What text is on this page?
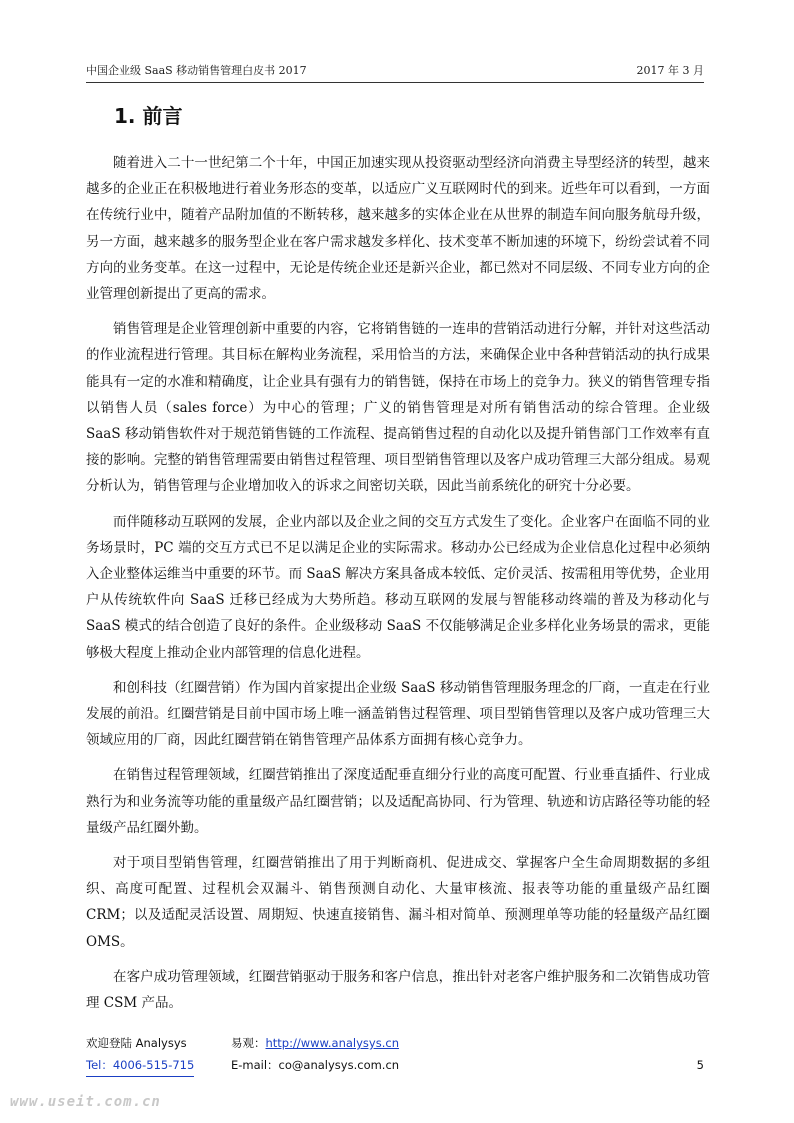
中国企业级 SaaS 移动销售管理白皮书 2017	2017 年 3 月
1. 前言

随着进入二十一世纪第二个十年，中国正加速实现从投资驱动型经济向消费主导型经济的转型，越来越多的企业正在积极地进行着业务形态的变革，以适应广义互联网时代的到来。近些年可以看到，一方面在传统行业中，随着产品附加值的不断转移，越来越多的实体企业在从世界的制造车间向服务航母升级，另一方面，越来越多的服务型企业在客户需求越发多样化、技术变革不断加速的环境下，纷纷尝试着不同方向的业务变革。在这一过程中，无论是传统企业还是新兴企业，都已然对不同层级、不同专业方向的企业管理创新提出了更高的需求。

销售管理是企业管理创新中重要的内容，它将销售链的一连串的营销活动进行分解，并针对这些活动的作业流程进行管理。其目标在解构业务流程，采用恰当的方法，来确保企业中各种营销活动的执行成果能具有一定的水准和精确度，让企业具有强有力的销售链，保持在市场上的竞争力。狭义的销售管理专指以销售人员（sales force）为中心的管理；广义的销售管理是对所有销售活动的综合管理。企业级 SaaS 移动销售软件对于规范销售链的工作流程、提高销售过程的自动化以及提升销售部门工作效率有直接的影响。完整的销售管理需要由销售过程管理、项目型销售管理以及客户成功管理三大部分组成。易观分析认为，销售管理与企业增加收入的诉求之间密切关联，因此当前系统化的研究十分必要。

而伴随移动互联网的发展，企业内部以及企业之间的交互方式发生了变化。企业客户在面临不同的业务场景时，PC 端的交互方式已不足以满足企业的实际需求。移动办公已经成为企业信息化过程中必须纳入企业整体运维当中重要的环节。而 SaaS 解决方案具备成本较低、定价灵活、按需租用等优势，企业用户从传统软件向 SaaS 迁移已经成为大势所趋。移动互联网的发展与智能移动终端的普及为移动化与 SaaS 模式的结合创造了良好的条件。企业级移动 SaaS 不仅能够满足企业多样化业务场景的需求，更能够极大程度上推动企业内部管理的信息化进程。

和创科技（红圈营销）作为国内首家提出企业级 SaaS 移动销售管理服务理念的厂商，一直走在行业发展的前沿。红圈营销是目前中国市场上唯一涵盖销售过程管理、项目型销售管理以及客户成功管理三大领域应用的厂商，因此红圈营销在销售管理产品体系方面拥有核心竞争力。

在销售过程管理领域，红圈营销推出了深度适配垂直细分行业的高度可配置、行业垂直插件、行业成熟行为和业务流等功能的重量级产品红圈营销；以及适配高协同、行为管理、轨迹和访店路径等功能的轻量级产品红圈外勤。

对于项目型销售管理，红圈营销推出了用于判断商机、促进成交、掌握客户全生命周期数据的多组织、高度可配置、过程机会双漏斗、销售预测自动化、大量审核流、报表等功能的重量级产品红圈 CRM；以及适配灵活设置、周期短、快速直接销售、漏斗相对简单、预测理单等功能的轻量级产品红圈 OMS。

在客户成功管理领域，红圈营销驱动于服务和客户信息，推出针对老客户维护服务和二次销售成功管理 CSM 产品。

欢迎登陆 Analysys	易观：http://www.analysys.cn
Tel：4006-515-715	E-mail：co@analysys.com.cn	5
www.useit.com.cn
